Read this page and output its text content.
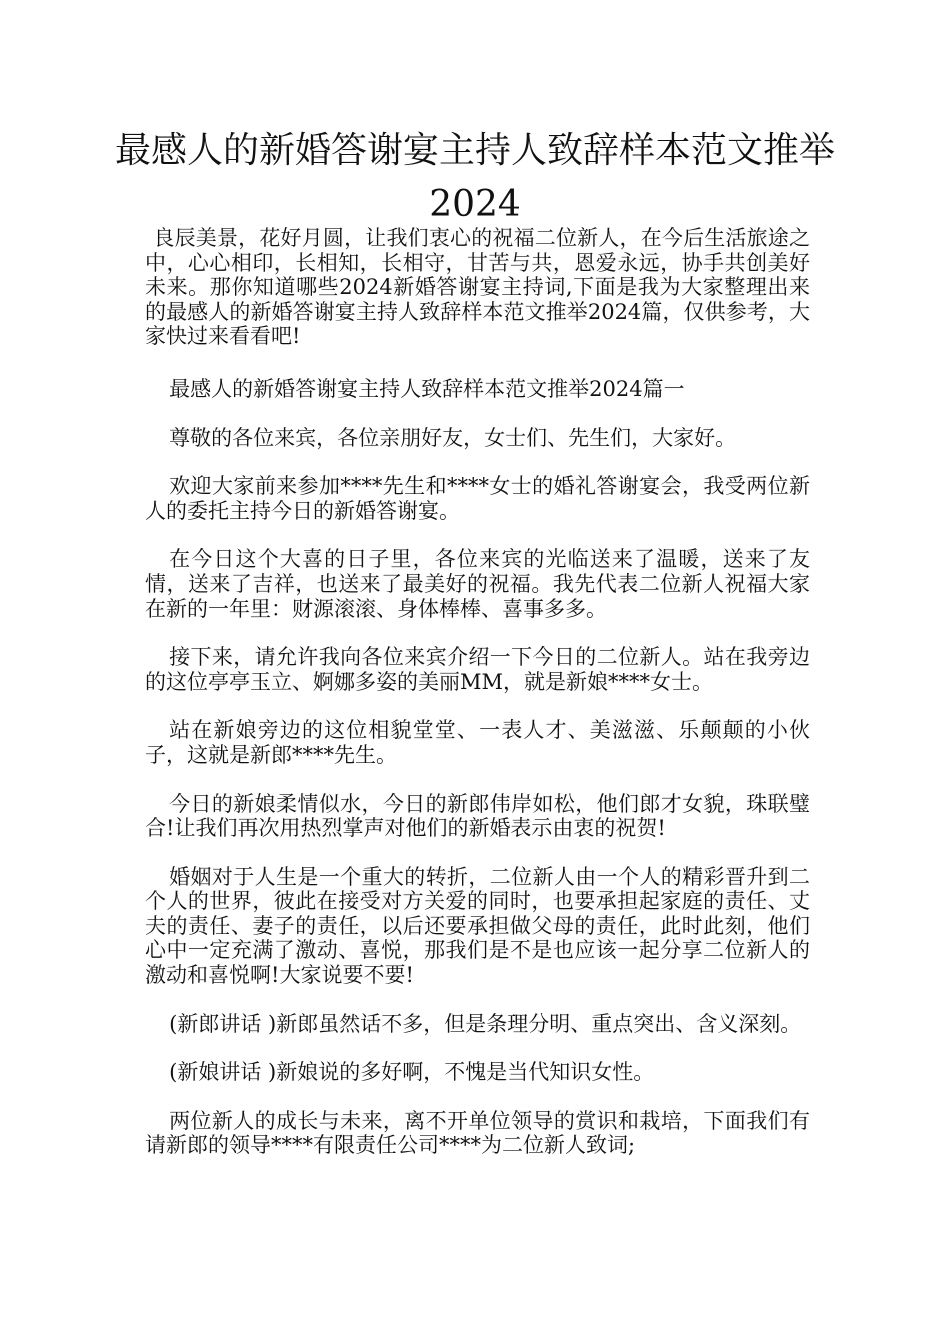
最感人的新婚答谢宴主持人致辞样本范文推举2024

良辰美景，花好月圆，让我们衷心的祝福二位新人，在今后生活旅途之中，心心相印，长相知，长相守，甘苦与共，恩爱永远，协手共创美好未来。那你知道哪些2024新婚答谢宴主持词,下面是我为大家整理出来的最感人的新婚答谢宴主持人致辞样本范文推举2024篇，仅供参考，大家快过来看看吧!

最感人的新婚答谢宴主持人致辞样本范文推举2024篇一

尊敬的各位来宾，各位亲朋好友，女士们、先生们，大家好。

欢迎大家前来参加****先生和****女士的婚礼答谢宴会，我受两位新人的委托主持今日的新婚答谢宴。

在今日这个大喜的日子里，各位来宾的光临送来了温暖，送来了友情，送来了吉祥，也送来了最美好的祝福。我先代表二位新人祝福大家在新的一年里：财源滚滚、身体棒棒、喜事多多。

接下来，请允许我向各位来宾介绍一下今日的二位新人。站在我旁边的这位亭亭玉立、婀娜多姿的美丽MM，就是新娘****女士。

站在新娘旁边的这位相貌堂堂、一表人才、美滋滋、乐颠颠的小伙子，这就是新郎****先生。

今日的新娘柔情似水，今日的新郎伟岸如松，他们郎才女貌，珠联璧合!让我们再次用热烈掌声对他们的新婚表示由衷的祝贺!

婚姻对于人生是一个重大的转折，二位新人由一个人的精彩晋升到二个人的世界，彼此在接受对方关爱的同时，也要承担起家庭的责任、丈夫的责任、妻子的责任，以后还要承担做父母的责任，此时此刻，他们心中一定充满了激动、喜悦，那我们是不是也应该一起分享二位新人的激动和喜悦啊!大家说要不要!

(新郎讲话 )新郎虽然话不多，但是条理分明、重点突出、含义深刻。

(新娘讲话 )新娘说的多好啊，不愧是当代知识女性。

两位新人的成长与未来，离不开单位领导的赏识和栽培，下面我们有请新郎的领导****有限责任公司****为二位新人致词;
